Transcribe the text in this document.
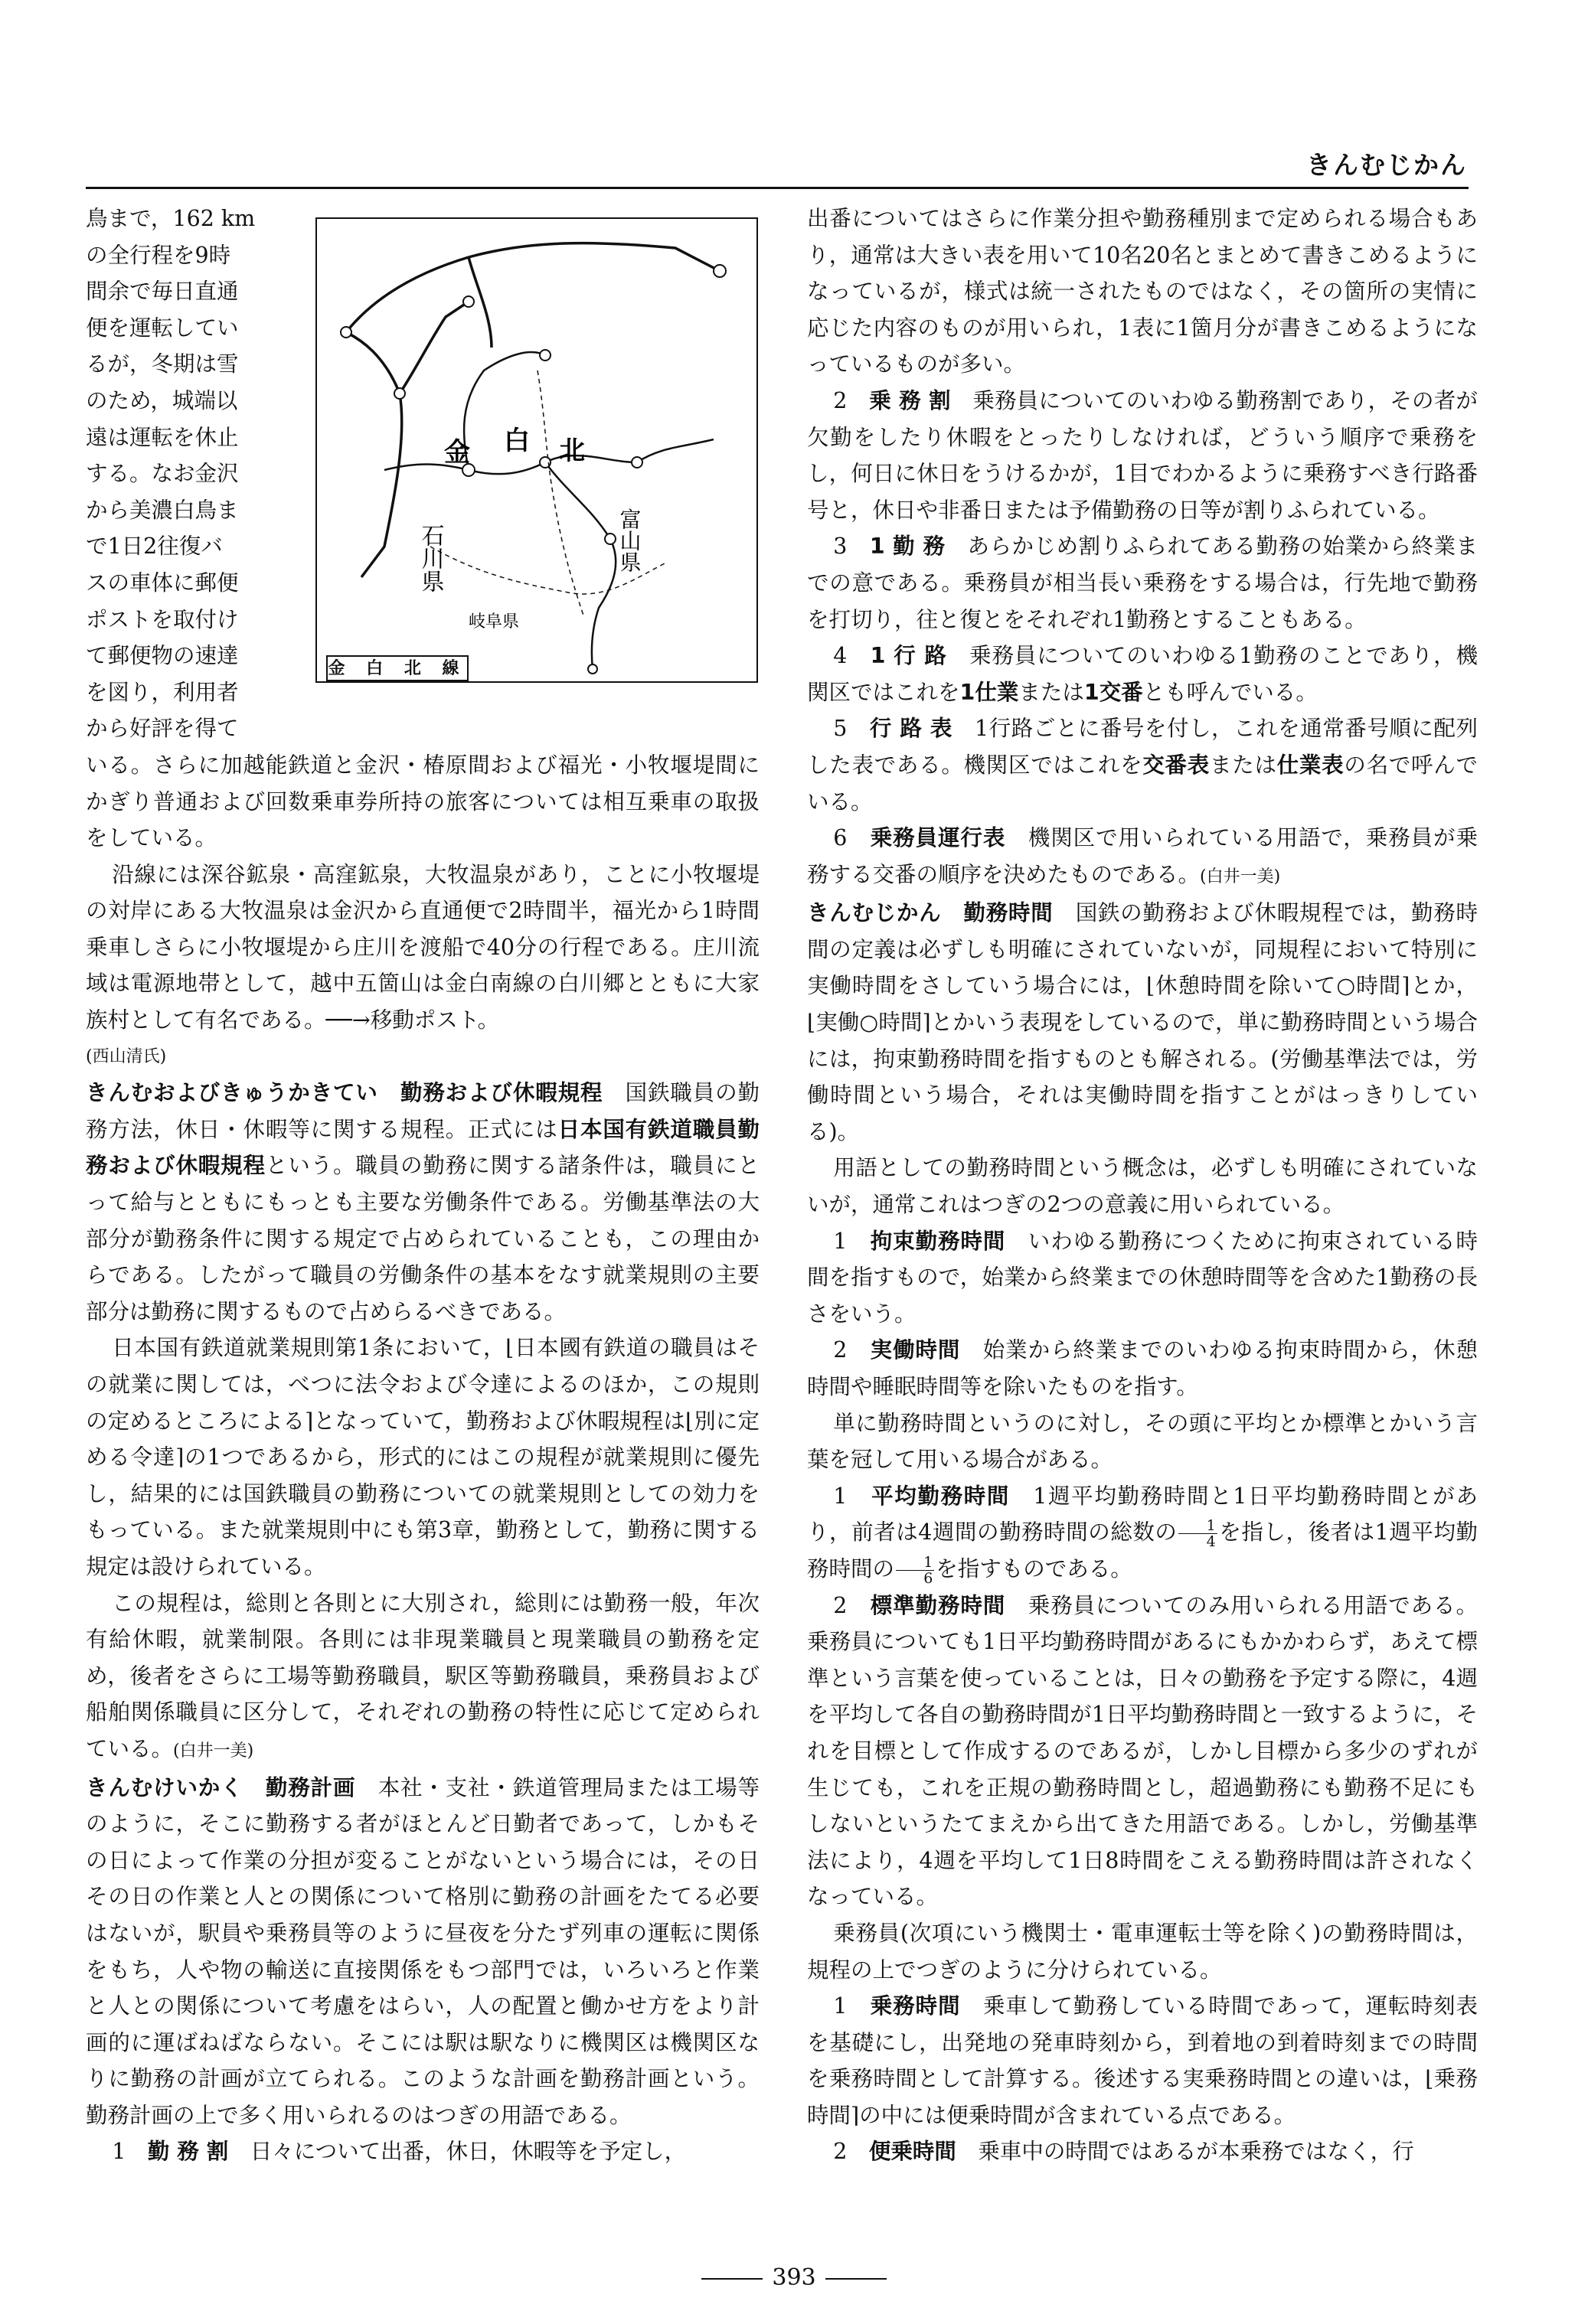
きんむじかん
金 白 北
石川県	富山県
岐阜県
金 白 北 線
鳥まで，162 km
の全行程を9時
間余で毎日直通
便を運転してい
るが，冬期は雪
のため，城端以
遠は運転を休止
する。なお金沢
から美濃白鳥ま
で1日2往復バ
スの車体に郵便
ポストを取付け
て郵便物の速達
を図り，利用者
から好評を得て

いる。さらに加越能鉄道と金沢・椿原間および福光・小牧堰堤間にかぎり普通および回数乗車券所持の旅客については相互乗車の取扱をしている。

沿線には深谷鉱泉・高窪鉱泉，大牧温泉があり，ことに小牧堰堤の対岸にある大牧温泉は金沢から直通便で2時間半，福光から1時間乗車しさらに小牧堰堤から庄川を渡船で40分の行程である。庄川流域は電源地帯として，越中五箇山は金白南線の白川郷とともに大家族村として有名である。──→移動ポスト。

(西山清氏)

きんむおよびきゅうかきてい　勤務および休暇規程　国鉄職員の勤務方法，休日・休暇等に関する規程。正式には日本国有鉄道職員勤務および休暇規程という。職員の勤務に関する諸条件は，職員にとって給与とともにもっとも主要な労働条件である。労働基準法の大部分が勤務条件に関する規定で占められていることも，この理由からである。したがって職員の労働条件の基本をなす就業規則の主要部分は勤務に関するもので占めらるべきである。

日本国有鉄道就業規則第1条において，⌊日本國有鉄道の職員はその就業に関しては，べつに法令および令達によるのほか，この規則の定めるところによる⌉となっていて，勤務および休暇規程は⌊別に定める令達⌉の1つであるから，形式的にはこの規程が就業規則に優先し，結果的には国鉄職員の勤務についての就業規則としての効力をもっている。また就業規則中にも第3章，勤務として，勤務に関する規定は設けられている。

この規程は，総則と各則とに大別され，総則には勤務一般，年次有給休暇，就業制限。各則には非現業職員と現業職員の勤務を定め，後者をさらに工場等勤務職員，駅区等勤務職員，乗務員および船舶関係職員に区分して，それぞれの勤務の特性に応じて定められている。(白井一美)

きんむけいかく　勤務計画　本社・支社・鉄道管理局または工場等のように，そこに勤務する者がほとんど日勤者であって，しかもその日によって作業の分担が変ることがないという場合には，その日その日の作業と人との関係について格別に勤務の計画をたてる必要はないが，駅員や乗務員等のように昼夜を分たず列車の運転に関係をもち，人や物の輸送に直接関係をもつ部門では，いろいろと作業と人との関係について考慮をはらい，人の配置と働かせ方をより計画的に運ばねばならない。そこには駅は駅なりに機関区は機関区なりに勤務の計画が立てられる。このような計画を勤務計画という。勤務計画の上で多く用いられるのはつぎの用語である。

1　 勤 務 割　日々について出番，休日，休暇等を予定し，

出番についてはさらに作業分担や勤務種別まで定められる場合もあり，通常は大きい表を用いて10名20名とまとめて書きこめるようになっているが，様式は統一されたものではなく，その箇所の実情に応じた内容のものが用いられ，1表に1箇月分が書きこめるようになっているものが多い。

2　 乗 務 割　乗務員についてのいわゆる勤務割であり，その者が欠勤をしたり休暇をとったりしなければ，どういう順序で乗務をし，何日に休日をうけるかが，1目でわかるように乗務すべき行路番号と，休日や非番日または予備勤務の日等が割りふられている。

3　 1 勤 務　あらかじめ割りふられてある勤務の始業から終業までの意である。乗務員が相当長い乗務をする場合は，行先地で勤務を打切り，往と復とをそれぞれ1勤務とすることもある。

4　 1 行 路　乗務員についてのいわゆる1勤務のことであり，機関区ではこれを1仕業または1交番とも呼んでいる。

5　 行 路 表　1行路ごとに番号を付し，これを通常番号順に配列した表である。機関区ではこれを交番表または仕業表の名で呼んでいる。

6　 乗務員運行表　機関区で用いられている用語で，乗務員が乗務する交番の順序を決めたものである。(白井一美)

きんむじかん　勤務時間　国鉄の勤務および休暇規程では，勤務時間の定義は必ずしも明確にされていないが，同規程において特別に実働時間をさしていう場合には，⌊休憩時間を除いて○時間⌉とか，⌊実働○時間⌉とかいう表現をしているので，単に勤務時間という場合には，拘束勤務時間を指すものとも解される。(労働基準法では，労働時間という場合，それは実働時間を指すことがはっきりしている)。

用語としての勤務時間という概念は，必ずしも明確にされていないが，通常これはつぎの2つの意義に用いられている。

1　 拘束勤務時間　いわゆる勤務につくために拘束されている時間を指すもので，始業から終業までの休憩時間等を含めた1勤務の長さをいう。

2　 実働時間　始業から終業までのいわゆる拘束時間から，休憩時間や睡眠時間等を除いたものを指す。

単に勤務時間というのに対し，その頭に平均とか標準とかいう言葉を冠して用いる場合がある。

1　 平均勤務時間　1週平均勤務時間と1日平均勤務時間とがあり，前者は4週間の勤務時間の総数の $\frac{1}{4}$ を指し，後者は1週平均勤務時間の $\frac{1}{6}$ を指すものである。

2　 標準勤務時間　乗務員についてのみ用いられる用語である。乗務員についても1日平均勤務時間があるにもかかわらず，あえて標準という言葉を使っていることは，日々の勤務を予定する際に，4週を平均して各自の勤務時間が1日平均勤務時間と一致するように，それを目標として作成するのであるが，しかし目標から多少のずれが生じても，これを正規の勤務時間とし，超過勤務にも勤務不足にもしないというたてまえから出てきた用語である。しかし，労働基準法により，4週を平均して1日8時間をこえる勤務時間は許されなくなっている。

乗務員(次項にいう機関士・電車運転士等を除く)の勤務時間は，規程の上でつぎのように分けられている。

1　 乗務時間　乗車して勤務している時間であって，運転時刻表を基礎にし，出発地の発車時刻から，到着地の到着時刻までの時間を乗務時間として計算する。後述する実乗務時間との違いは，⌊乗務時間⌉の中には便乗時間が含まれている点である。

2　 便乗時間　乗車中の時間ではあるが本乗務ではなく，行

393
